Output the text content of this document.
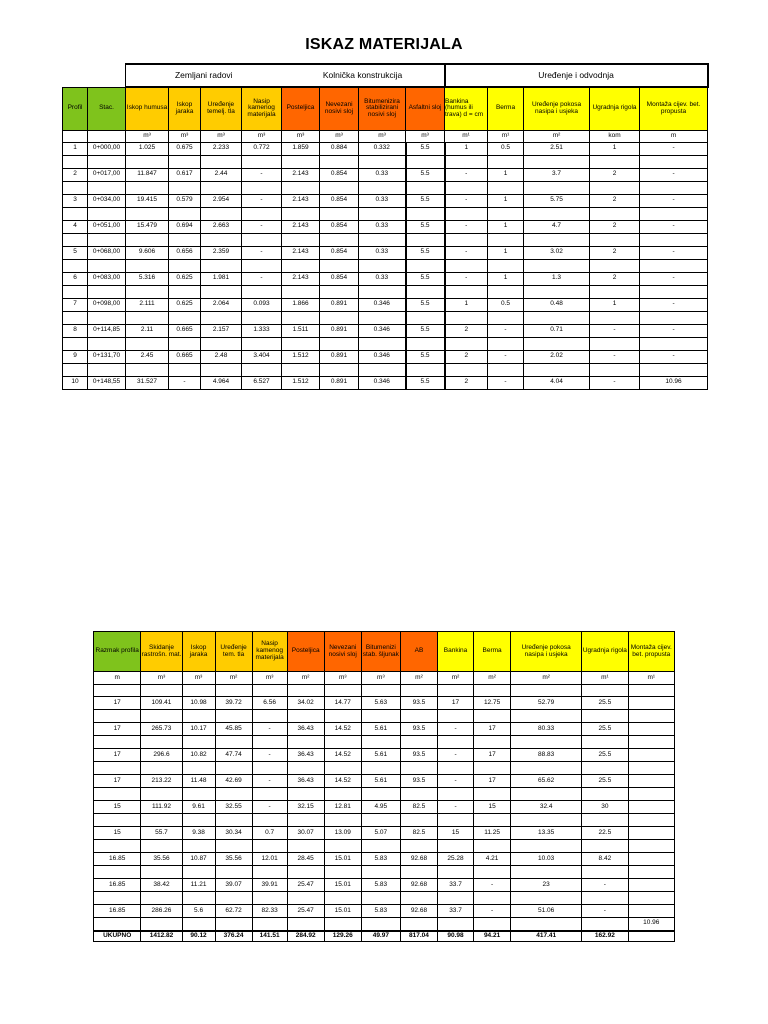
ISKAZ MATERIJALA
		Zemljani radovi				Kolnička konstrukcija				Uređenje i odvodnja				
Profil	Stac.	Iskop humusa	Iskop jaraka	Uređenje temelj. tla	Nasip kamenog materijala	Posteljica	Nevezani nosivi sloj	Bitumenizira stabilizirani nosivi sloj	Asfaltni sloj	Bankina (humus ili trava) d = cm	Berma	Uređenje pokosa nasipa i usjeka	Ugradnja rigola	Montaža cijev. bet. propusta
		m³	m³	m³	m³	m³	m³	m³	m³	m¹	m¹	m²	kom	m
1	0+000,00	1.025	0.675	2.233	0.772	1.859	0.884	0.332	5.5	1	0.5	2.51	1	-

2	0+017,00	11.847	0.617	2.44	-	2.143	0.854	0.33	5.5	-	1	3.7	2	-

3	0+034,00	19.415	0.579	2.954	-	2.143	0.854	0.33	5.5	-	1	5.75	2	-

4	0+051,00	15.479	0.694	2.663	-	2.143	0.854	0.33	5.5	-	1	4.7	2	-

5	0+068,00	9.606	0.656	2.359	-	2.143	0.854	0.33	5.5	-	1	3.02	2	-

6	0+083,00	5.316	0.625	1.981	-	2.143	0.854	0.33	5.5	-	1	1.3	2	-

7	0+098,00	2.111	0.625	2.064	0.093	1.866	0.891	0.346	5.5	1	0.5	0.48	1	-

8	0+114,85	2.11	0.665	2.157	1.333	1.511	0.891	0.346	5.5	2	-	0.71	-	-

9	0+131,70	2.45	0.665	2.48	3.404	1.512	0.891	0.346	5.5	2	-	2.02	-	-

10	0+148,55	31.527	-	4.964	6.527	1.512	0.891	0.346	5.5	2	-	4.04	-	10.96
Razmak profila	Skidanje rastrošn. mat.	Iskop jaraka	Uređenje tem. tla	Nasip kamenog materijala	Posteljica	Nevezani nosivi sloj	Bitumenizi stab. šljunak	AB	Bankina	Berma	Uređenje pokosa nasipa i usjeka	Ugradnja rigola	Montaža cijev. bet. propusta
m	m³	m³	m²	m³	m²	m³	m³	m²	m²	m²	m²	m¹	m¹

17	109.41	10.98	39.72	6.56	34.02	14.77	5.63	93.5	17	12.75	52.79	25.5	

17	265.73	10.17	45.85	-	36.43	14.52	5.61	93.5	-	17	80.33	25.5	

17	296.6	10.82	47.74	-	36.43	14.52	5.61	93.5	-	17	88.83	25.5	

17	213.22	11.48	42.69	-	36.43	14.52	5.61	93.5	-	17	65.62	25.5	

15	111.92	9.61	32.55	-	32.15	12.81	4.95	82.5	-	15	32.4	30	

15	55.7	9.38	30.34	0.7	30.07	13.09	5.07	82.5	15	11.25	13.35	22.5	

16.85	35.56	10.87	35.56	12.01	28.45	15.01	5.83	92.68	25.28	4.21	10.03	8.42	

16.85	38.42	11.21	39.07	39.91	25.47	15.01	5.83	92.68	33.7	-	23	-	

16.85	286.26	5.6	62.72	82.33	25.47	15.01	5.83	92.68	33.7	-	51.06	-	
													10.96
UKUPNO	1412.82	90.12	376.24	141.51	284.92	129.26	49.97	817.04	90.98	94.21	417.41	162.92	
